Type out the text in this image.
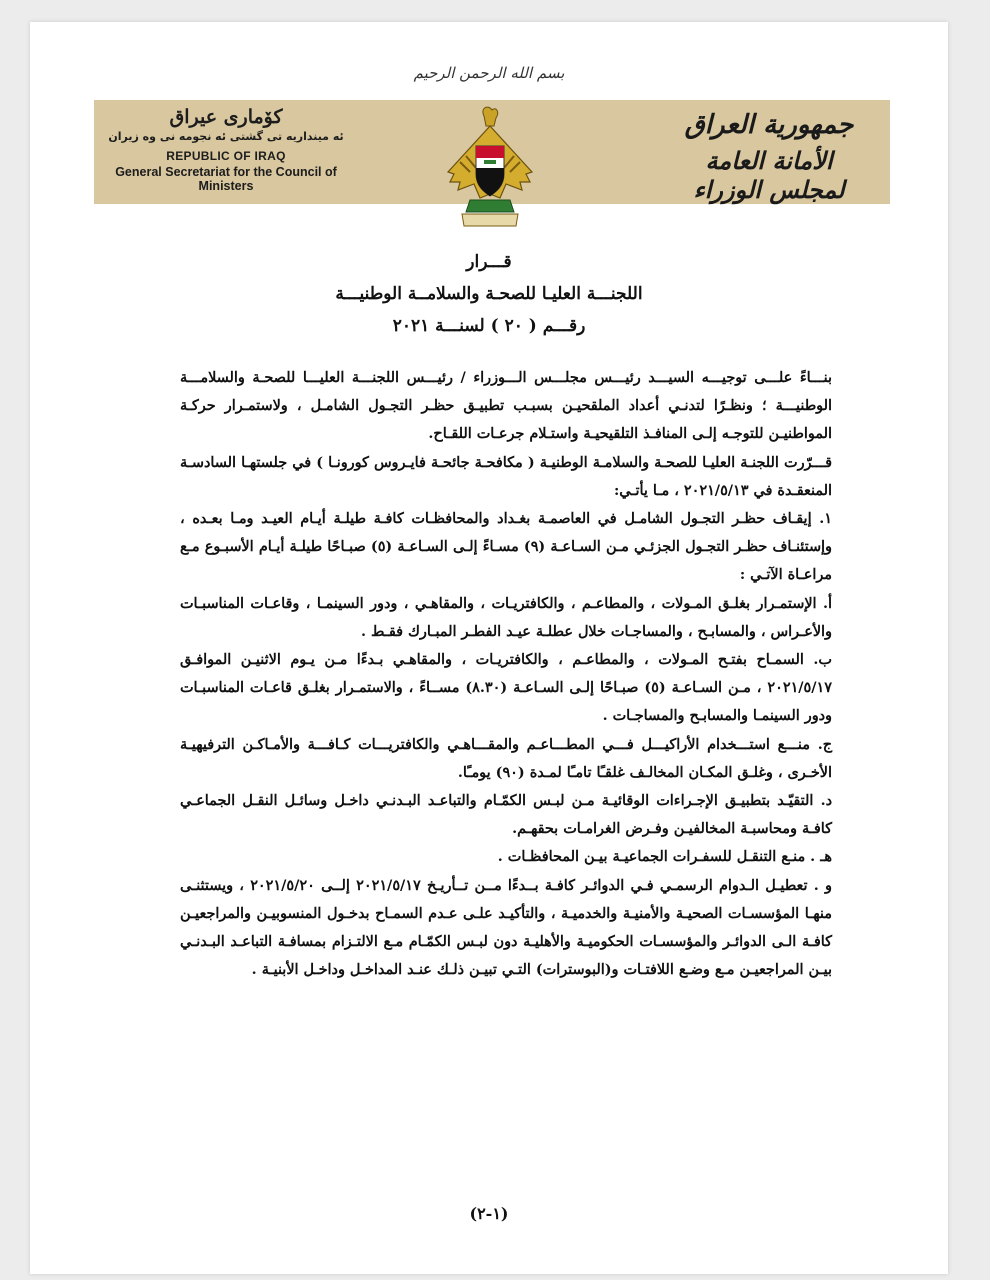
بسم الله الرحمن الرحيم
كۆماری عیراق
ئه‌ مینداریه‌ تی گشتی ئه‌ نجومه‌ نی وه‌ زیران
REPUBLIC OF IRAQ
General Secretariat for the Council of Ministers
جمهورية العراق
الأمانة العامة لمجلس الوزراء
قـــرار
اللجنـــة العليـا للصحـة والسلامــة الوطنيـــة
رقـــم ( ٢٠ ) لسنـــة ٢٠٢١

بنـــاءً علـــى توجيـــه السيـــد رئيـــس مجلـــس الـــوزراء / رئيـــس اللجنـــة العليـــا للصحـة والسلامـــة الوطنيـــة ؛ ونظـرًا لتدنـي أعداد الملقحيـن بسبـب تطبيـق حظـر التجـول الشامـل ، ولاستمـرار حركـة المواطنيـن للتوجـه إلـى المنافـذ التلقيحيـة واستـلام جرعـات اللقـاح.

قـــرّرت اللجنـة العليـا للصحـة والسلامـة الوطنيـة ( مكافحـة جائحـة فايـروس كورونـا ) في جلستهـا السادسـة المنعقـدة في ٢٠٢١/٥/١٣ ، مـا يأتـي:

١. إيقـاف حظـر التجـول الشامـل في العاصمـة بغـداد والمحافظـات كافـة طيلـة أيـام العيـد ومـا بعـده ، وإستئنـاف حظـر التجـول الجزئـي مـن السـاعـة (٩) مسـاءً إلـى السـاعـة (٥) صبـاحًا طيلـة أيـام الأسبـوع مـع مراعـاة الآتـي :
أ. الإستمـرار بغلـق المـولات ، والمطاعـم ، والكافتريـات ، والمقاهـي ، ودور السينمـا ، وقاعـات المناسبـات والأعـراس ، والمسابـح ، والمساجـات خلال عطلـة عيـد الفطـر المبـارك فقـط .
ب. السمـاح بفتـح المـولات ، والمطاعـم ، والكافتريـات ، والمقاهـي بـدءًا مـن يـوم الاثنيـن الموافـق ٢٠٢١/٥/١٧ ، مـن السـاعـة (٥) صبـاحًا إلـى السـاعـة (٨.٣٠) مســاءً ، والاستمـرار بغلـق قاعـات المناسبـات ودور السينمـا والمسابـح والمساجـات .
ج. منـــع استـــخدام الأراكيـــل فـــي المطـــاعـم والمقـــاهـي والكافتريـــات كـافـــة والأمـاكـن الترفيهيـة الأخـرى ، وغلـق المكـان المخالـف غلقـًا تامـًا لمـدة (٩٠) يومـًا.
د. التقيّـد بتطبيـق الإجـراءات الوقائيـة مـن لبـس الكمّـام والتباعـد البـدنـي داخـل وسائـل النقـل الجماعـي كافـة ومحاسبـة المخالفيـن وفـرض الغرامـات بحقهـم.
هـ . منـع التنقـل للسفـرات الجماعيـة بيـن المحافظـات .
و . تعطيـل الـدوام الرسمـي فـي الدوائـر كافـة بــدءًا مــن تــأريـخ ٢٠٢١/٥/١٧ إلــى ٢٠٢١/٥/٢٠ ، ويستثنـى منهـا المؤسسـات الصحيـة والأمنيـة والخدميـة ، والتأكيـد علـى عـدم السمـاح بدخـول المنسوبيـن والمراجعيـن كافـة الـى الدوائـر والمؤسسـات الحكوميـة والأهليـة دون لبـس الكمّـام مـع الالتـزام بمسافـة التباعـد البـدنـي بيـن المراجعيـن مـع وضـع اللافتـات و(البوسترات) التـي تبيـن ذلـك عنـد المداخـل وداخـل الأبنيـة .
(١-٢)
